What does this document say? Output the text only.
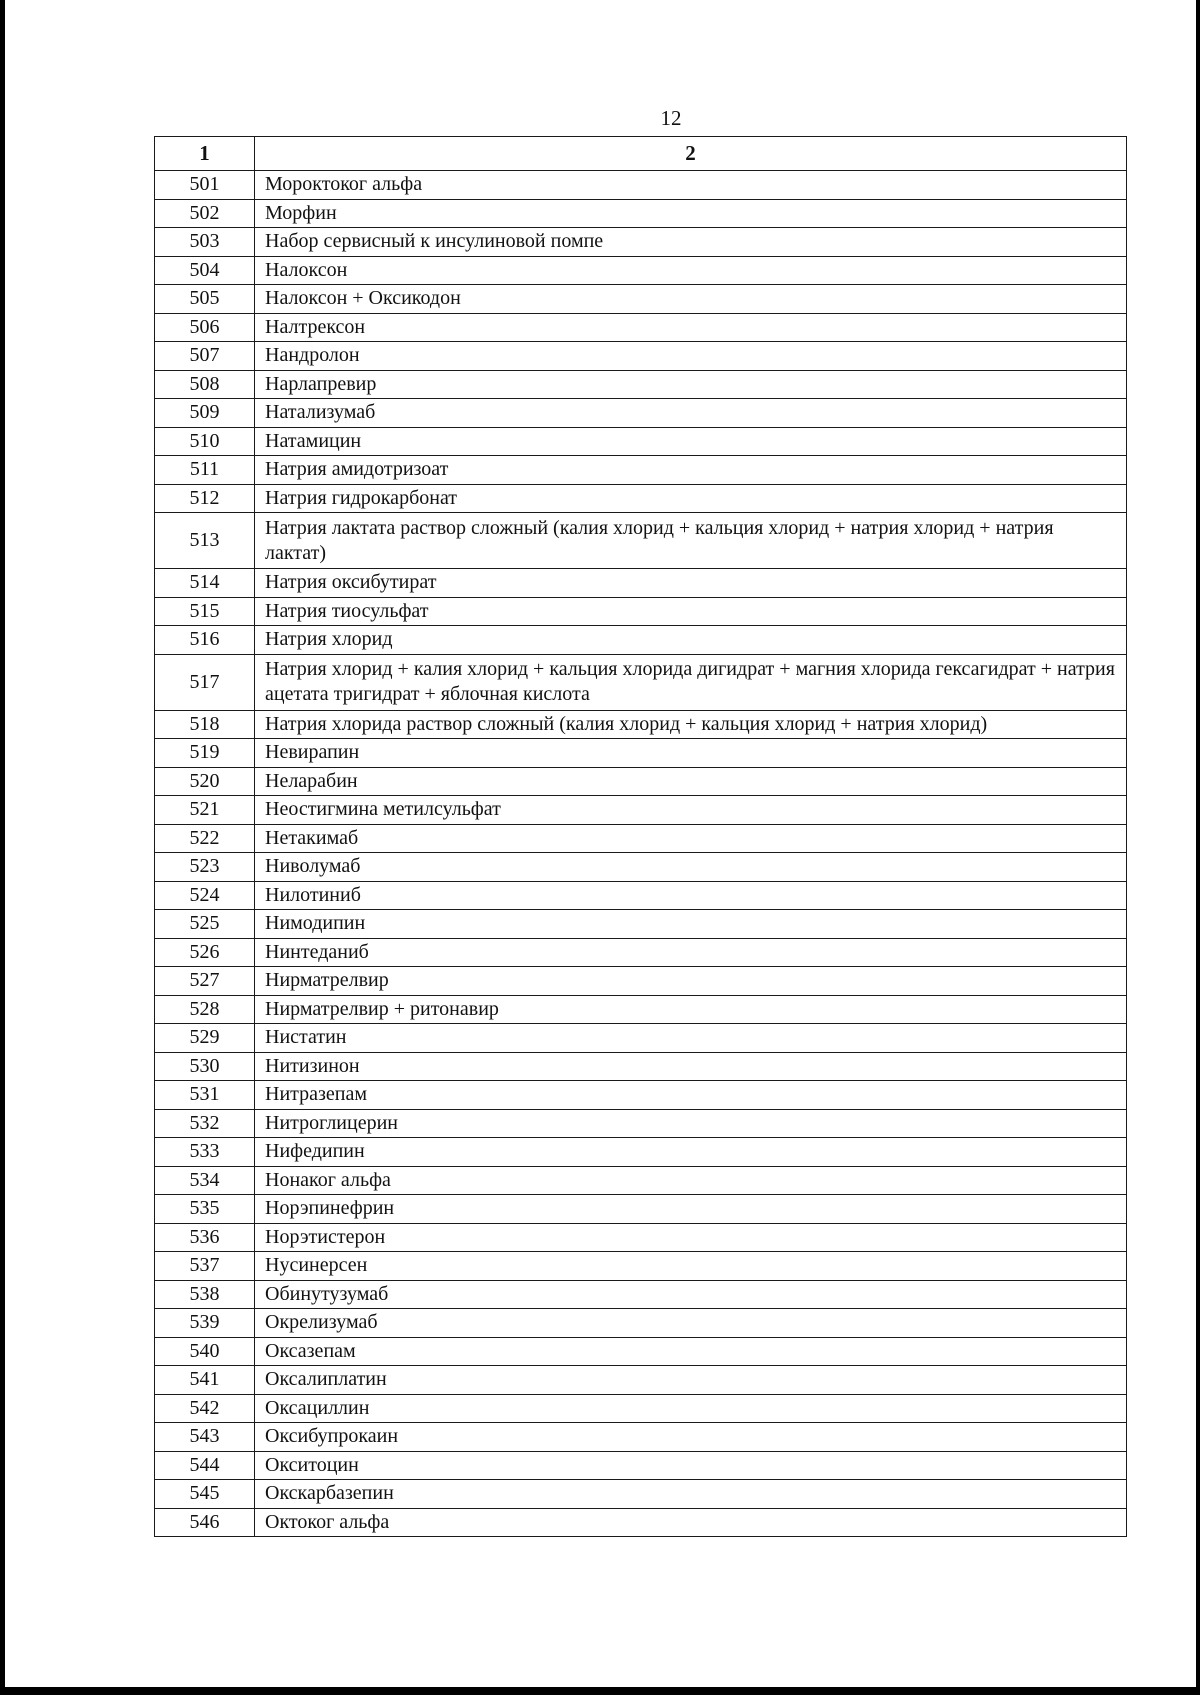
12
1	2
501	Мороктоког альфа
502	Морфин
503	Набор сервисный к инсулиновой помпе
504	Налоксон
505	Налоксон + Оксикодон
506	Налтрексон
507	Нандролон
508	Нарлапревир
509	Натализумаб
510	Натамицин
511	Натрия амидотризоат
512	Натрия гидрокарбонат
513	Натрия лактата раствор сложный (калия хлорид + кальция хлорид + натрия хлорид + натрия лактат)
514	Натрия оксибутират
515	Натрия тиосульфат
516	Натрия хлорид
517	Натрия хлорид + калия хлорид + кальция хлорида дигидрат + магния хлорида гексагидрат + натрия ацетата тригидрат + яблочная кислота
518	Натрия хлорида раствор сложный (калия хлорид + кальция хлорид + натрия хлорид)
519	Невирапин
520	Неларабин
521	Неостигмина метилсульфат
522	Нетакимаб
523	Ниволумаб
524	Нилотиниб
525	Нимодипин
526	Нинтеданиб
527	Нирматрелвир
528	Нирматрелвир + ритонавир
529	Нистатин
530	Нитизинон
531	Нитразепам
532	Нитроглицерин
533	Нифедипин
534	Нонаког альфа
535	Норэпинефрин
536	Норэтистерон
537	Нусинерсен
538	Обинутузумаб
539	Окрелизумаб
540	Оксазепам
541	Оксалиплатин
542	Оксациллин
543	Оксибупрокаин
544	Окситоцин
545	Окскарбазепин
546	Октоког альфа
